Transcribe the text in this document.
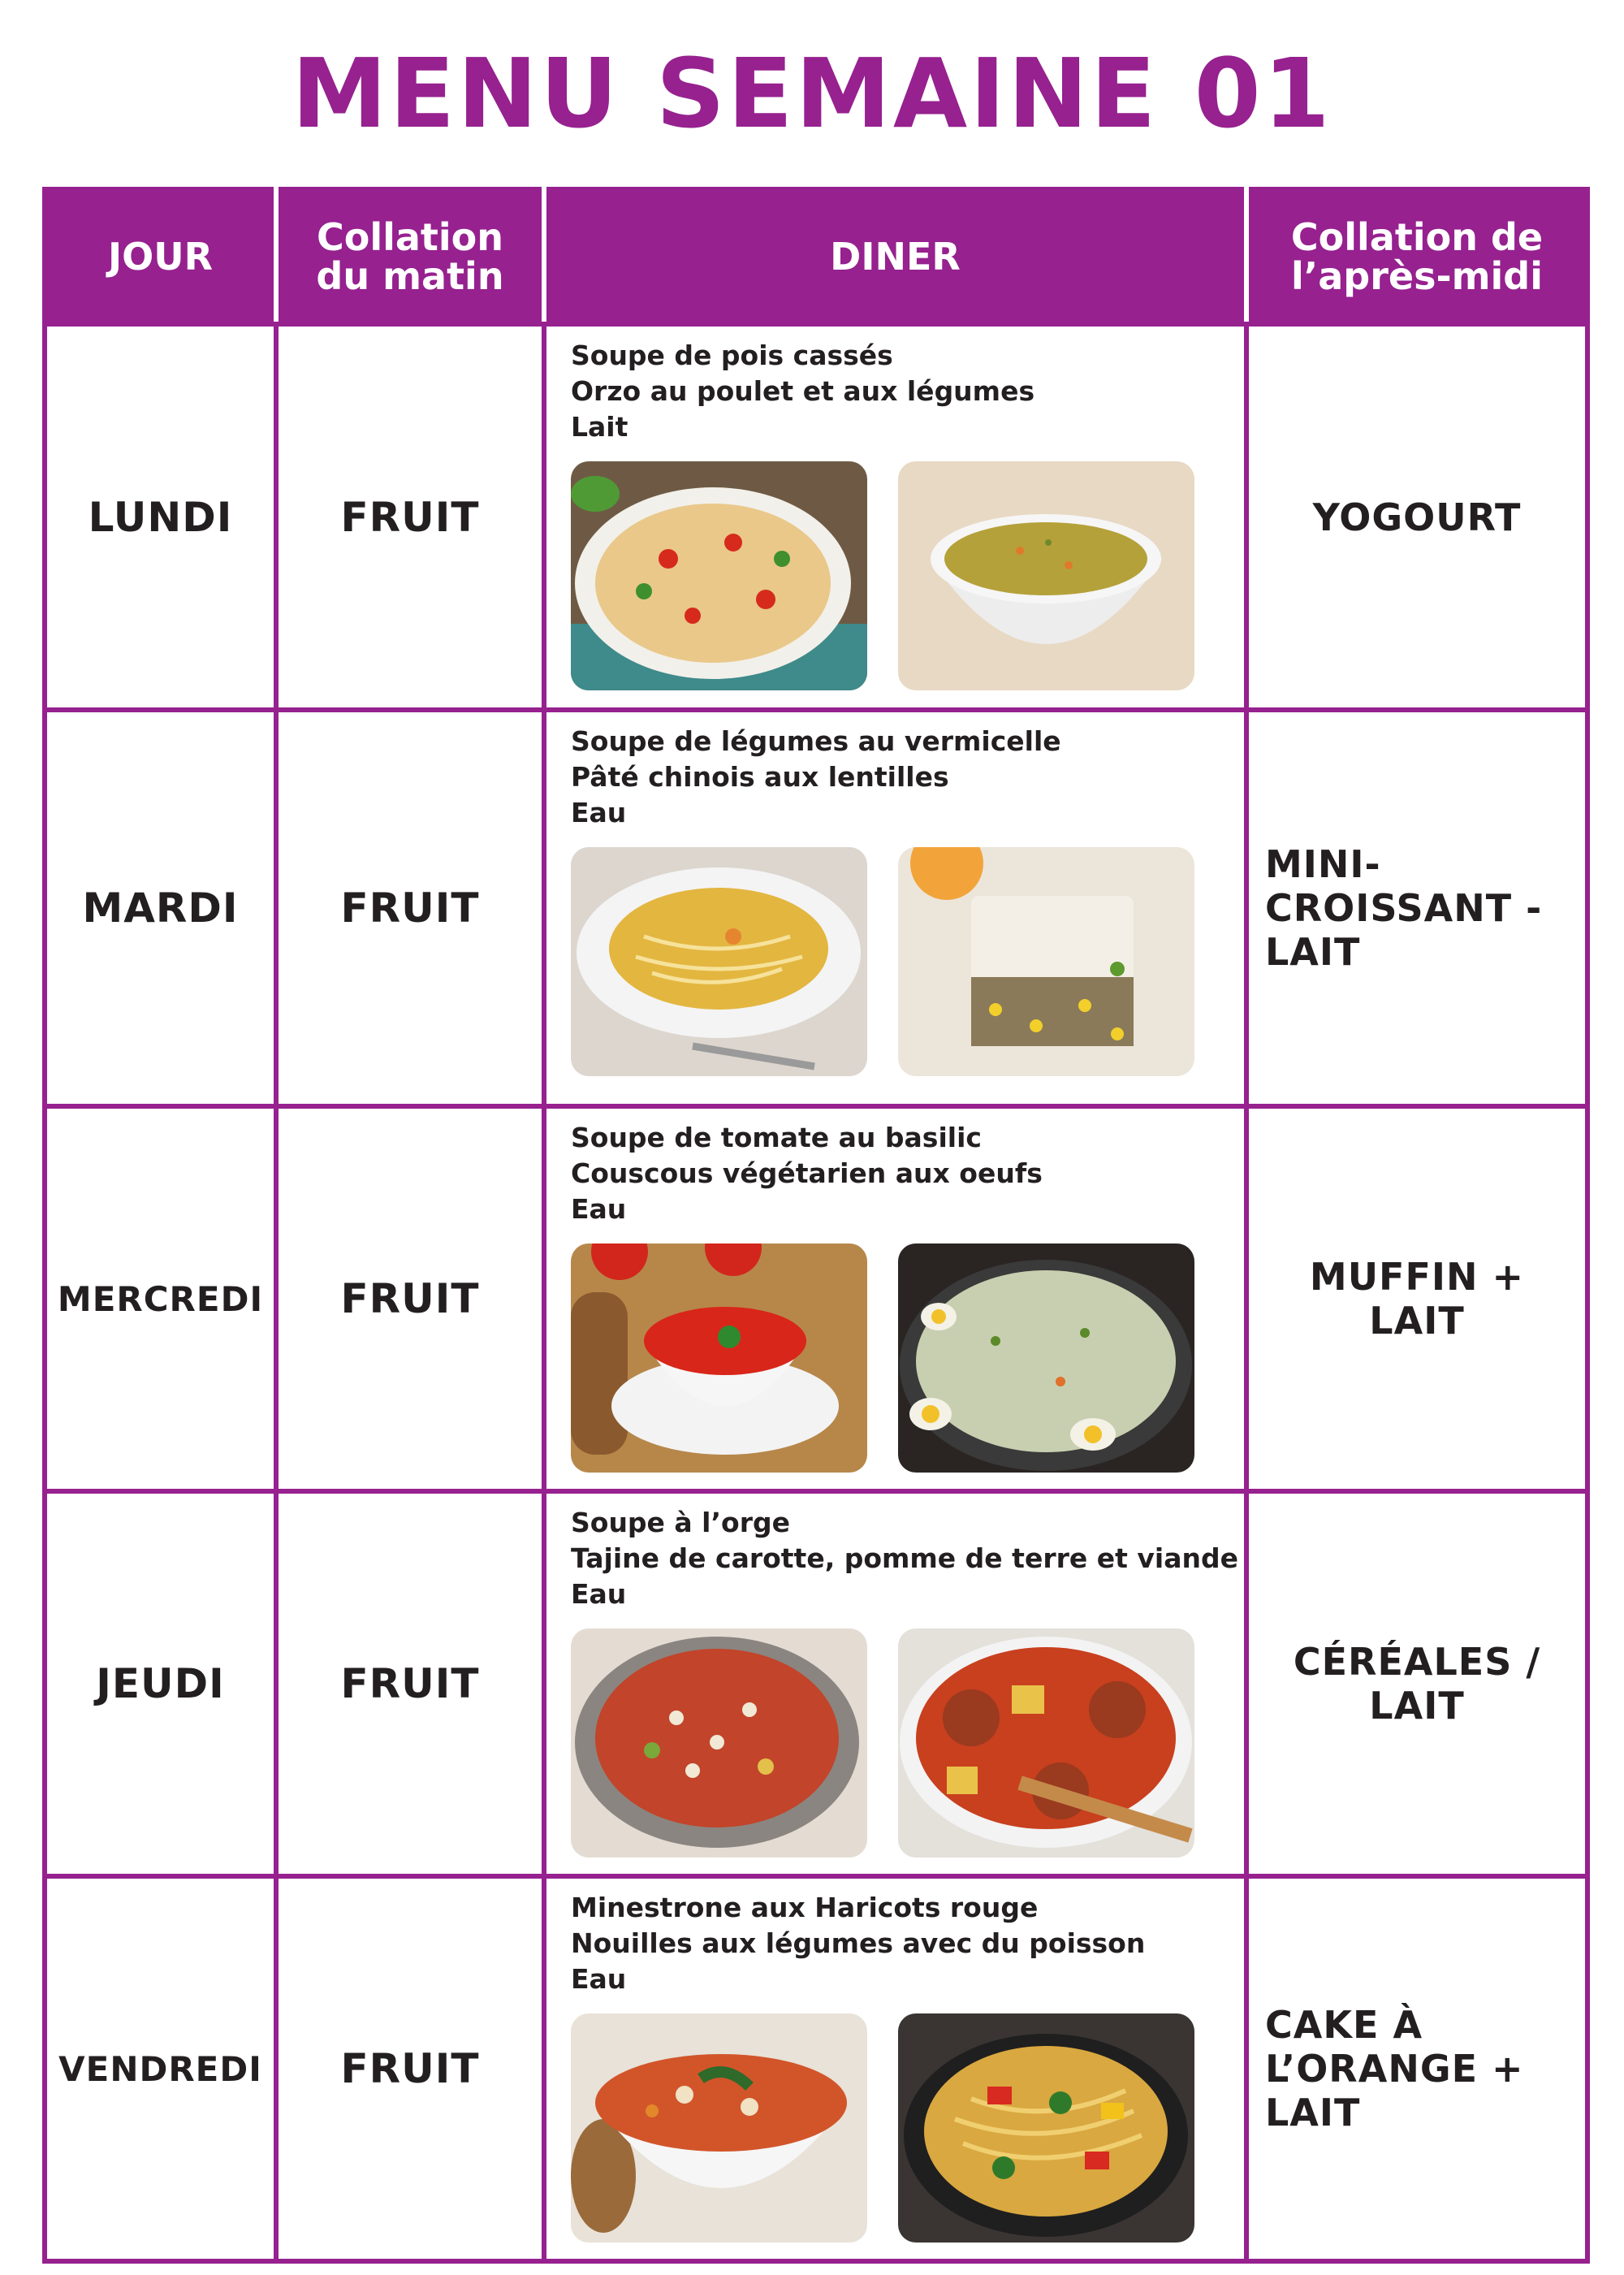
MENU SEMAINE 01
JOUR	Collation du matin	DINER	Collation de l’après-midi
LUNDI	FRUIT	Soupe de pois cassés
Orzo au poulet et aux légumes
Lait	YOGOURT
MARDI	FRUIT	Soupe de légumes au vermicelle
Pâté chinois aux lentilles
Eau	MINI-CROISSANT - LAIT
MERCREDI	FRUIT	Soupe de tomate au basilic
Couscous végétarien aux oeufs
Eau	MUFFIN + LAIT
JEUDI	FRUIT	Soupe à l’orge
Tajine de carotte, pomme de terre et viande
Eau	CÉRÉALES / LAIT
VENDREDI	FRUIT	Minestrone aux Haricots rouge
Nouilles aux légumes avec du poisson
Eau	CAKE À L’ORANGE + LAIT
